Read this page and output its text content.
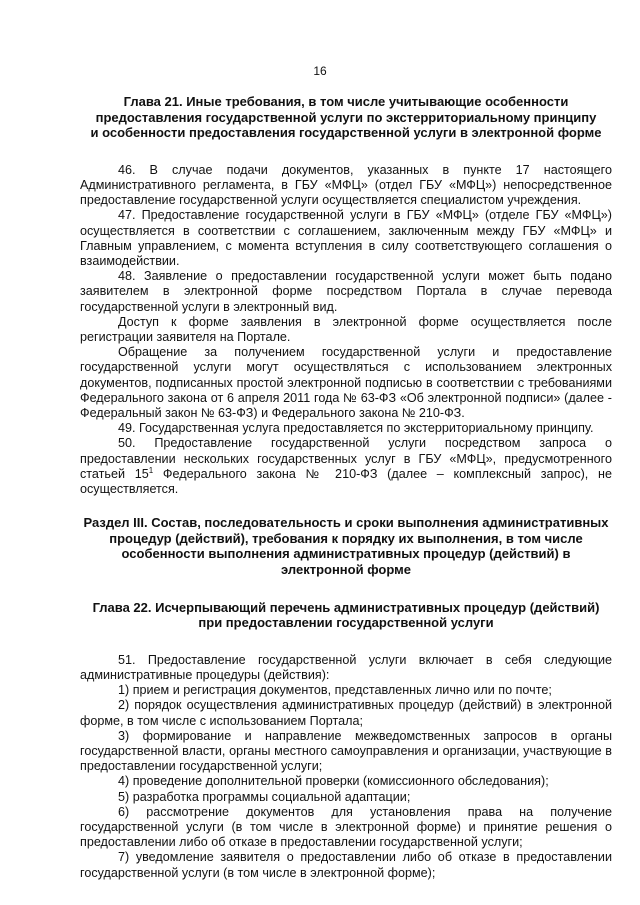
16

Глава 21. Иные требования, в том числе учитывающие особенности предоставления государственной услуги по экстерриториальному принципу и особенности предоставления государственной услуги в электронной форме

46. В случае подачи документов, указанных в пункте 17 настоящего Административного регламента, в ГБУ «МФЦ» (отдел ГБУ «МФЦ») непосредственное предоставление государственной услуги осуществляется специалистом учреждения.

47. Предоставление государственной услуги в ГБУ «МФЦ» (отделе ГБУ «МФЦ») осуществляется в соответствии с соглашением, заключенным между ГБУ «МФЦ» и Главным управлением, с момента вступления в силу соответствующего соглашения о взаимодействии.

48. Заявление о предоставлении государственной услуги может быть подано заявителем в электронной форме посредством Портала в случае перевода государственной услуги в электронный вид.

Доступ к форме заявления в электронной форме осуществляется после регистрации заявителя на Портале.

Обращение за получением государственной услуги и предоставление государственной услуги могут осуществляться с использованием электронных документов, подписанных простой электронной подписью в соответствии с требованиями Федерального закона от 6 апреля 2011 года № 63-ФЗ «Об электронной подписи» (далее - Федеральный закон № 63-ФЗ) и Федерального закона № 210-ФЗ.

49. Государственная услуга предоставляется по экстерриториальному принципу.

50. Предоставление государственной услуги посредством запроса о предоставлении нескольких государственных услуг в ГБУ «МФЦ», предусмотренного статьей $15^1$ Федерального закона № 210-ФЗ (далее – комплексный запрос), не осуществляется.

Раздел III. Состав, последовательность и сроки выполнения административных процедур (действий), требования к порядку их выполнения, в том числе особенности выполнения административных процедур (действий) в электронной форме

Глава 22. Исчерпывающий перечень административных процедур (действий) при предоставлении государственной услуги

51. Предоставление государственной услуги включает в себя следующие административные процедуры (действия):

1) прием и регистрация документов, представленных лично или по почте;

2) порядок осуществления административных процедур (действий) в электронной форме, в том числе с использованием Портала;

3) формирование и направление межведомственных запросов в органы государственной власти, органы местного самоуправления и организации, участвующие в предоставлении государственной услуги;

4) проведение дополнительной проверки (комиссионного обследования);

5) разработка программы социальной адаптации;

6) рассмотрение документов для установления права на получение государственной услуги (в том числе в электронной форме) и принятие решения о предоставлении либо об отказе в предоставлении государственной услуги;

7) уведомление заявителя о предоставлении либо об отказе в предоставлении государственной услуги (в том числе в электронной форме);
